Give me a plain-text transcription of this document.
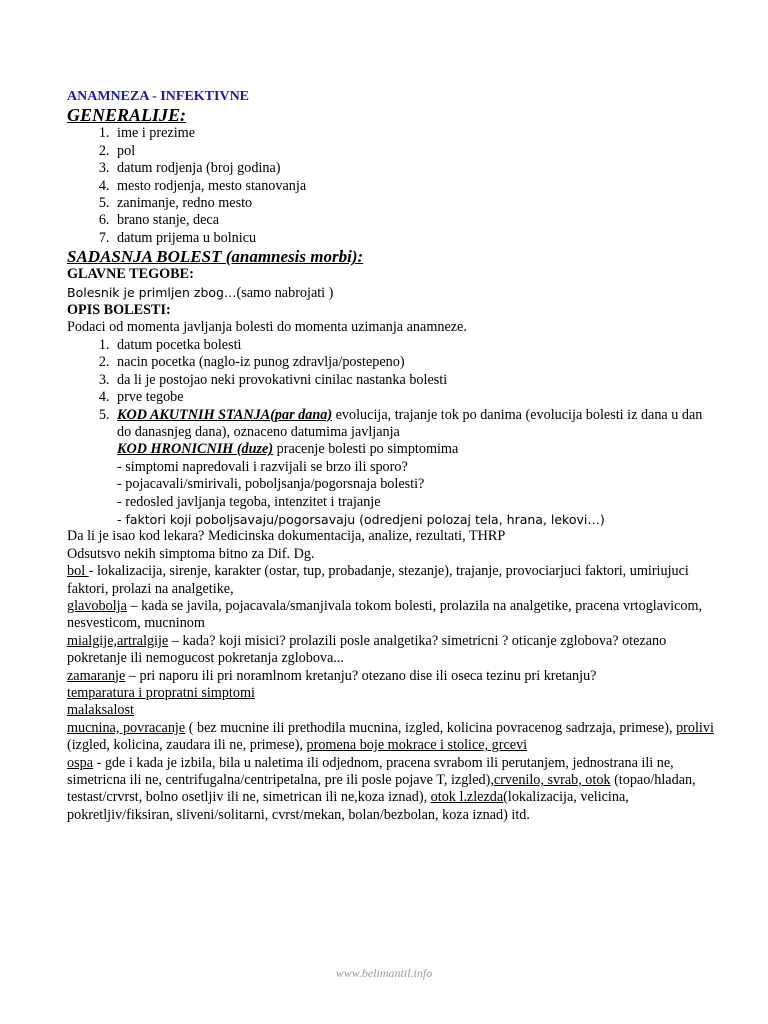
ANAMNEZA - INFEKTIVNE
GENERALIJE:
1. ime i prezime
2. pol
3. datum rodjenja (broj godina)
4. mesto rodjenja, mesto stanovanja
5. zanimanje, redno mesto
6. brano stanje, deca
7. datum prijema u bolnicu
SADASNJA BOLEST (anamnesis morbi):
GLAVNE TEGOBE:

Bolesnik je primljen zbog…(samo nabrojati )

OPIS BOLESTI:

Podaci od momenta javljanja bolesti do momenta uzimanja anamneze.

1. datum pocetka bolesti
2. nacin pocetka (naglo-iz punog zdravlja/postepeno)
3. da li je postojao neki provokativni cinilac nastanka bolesti
4. prve tegobe
5. KOD AKUTNIH STANJA(par dana) evolucija, trajanje tok po danima (evolucija bolesti iz dana u dan do danasnjeg dana), oznaceno datumima javljanja
KOD HRONICNIH (duze) pracenje bolesti po simptomima
- simptomi napredovali i razvijali se brzo ili sporo?
- pojacavali/smirivali, poboljsanja/pogorsnaja bolesti?
- redosled javljanja tegoba, intenzitet i trajanje
- faktori koji poboljsavaju/pogorsavaju (odredjeni polozaj tela, hrana, lekovi…)

Da li je isao kod lekara? Medicinska dokumentacija, analize, rezultati, THRP

Odsutsvo nekih simptoma bitno za Dif. Dg.

bol - lokalizacija, sirenje, karakter (ostar, tup, probadanje, stezanje), trajanje, provociarjuci faktori, umiriujuci faktori, prolazi na analgetike,

glavobolja – kada se javila, pojacavala/smanjivala tokom bolesti, prolazila na analgetike, pracena vrtoglavicom, nesvesticom, mucninom

mialgije,artralgije – kada? koji misici? prolazili posle analgetika? simetricni ? oticanje zglobova? otezano pokretanje ili nemogucost pokretanja zglobova...

zamaranje – pri naporu ili pri noramlnom kretanju? otezano dise ili oseca tezinu pri kretanju?

temparatura i propratni simptomi

malaksalost

mucnina, povracanje ( bez mucnine ili prethodila mucnina, izgled, kolicina povracenog sadrzaja, primese), prolivi (izgled, kolicina, zaudara ili ne, primese), promena boje mokrace i stolice, grcevi

ospa - gde i kada je izbila, bila u naletima ili odjednom, pracena svrabom ili perutanjem, jednostrana ili ne, simetricna ili ne, centrifugalna/centripetalna, pre ili posle pojave T, izgled),crvenilo, svrab, otok (topao/hladan, testast/crvrst, bolno osetljiv ili ne, simetrican ili ne,koza iznad), otok l.zlezda(lokalizacija, velicina, pokretljiv/fiksiran, sliveni/solitarni, cvrst/mekan, bolan/bezbolan, koza iznad) itd.

www.belimantil.info
